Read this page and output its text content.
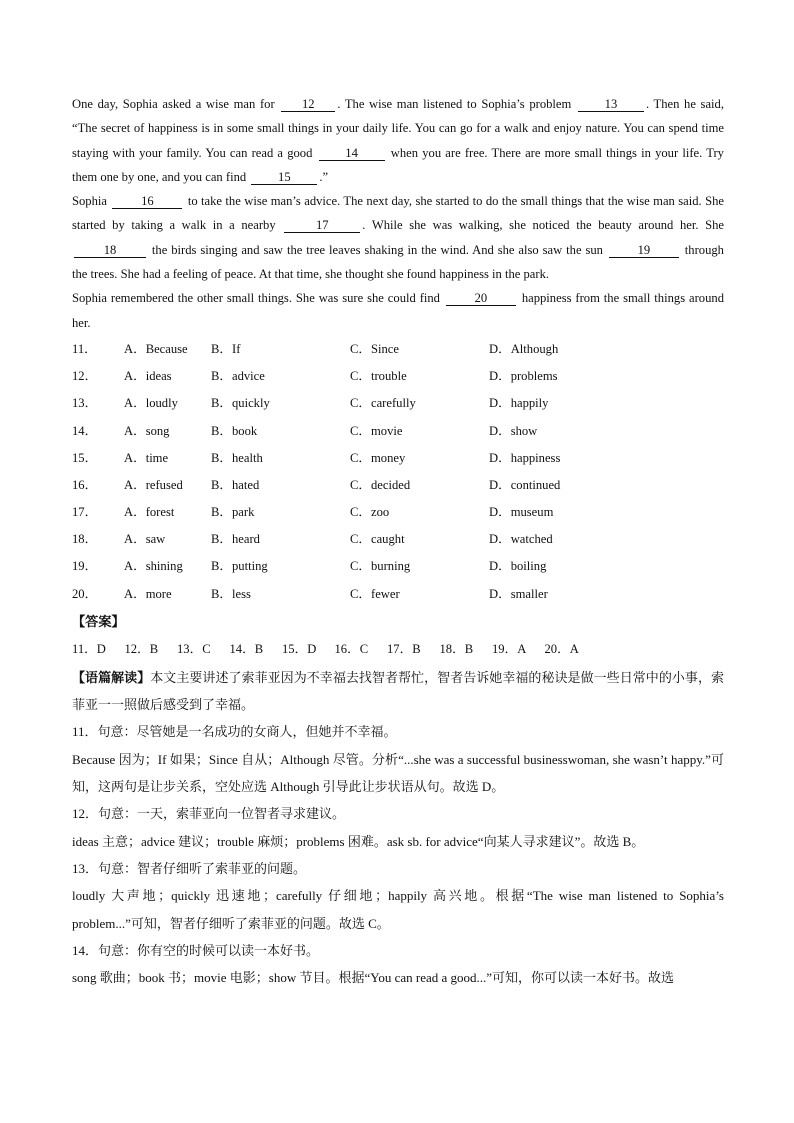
One day, Sophia asked a wise man for 12 . The wise man listened to Sophia’s problem	13 . Then he said, “The secret of happiness is in some small things in your daily life. You can go for a walk and enjoy nature. You can spend time staying with your family. You can read a good	14	when you are free. There are more small things in your life. Try them one by one, and you can find	15 .”

Sophia	16	to take the wise man’s advice. The next day, she started to do the small things that the wise man said. She started by taking a walk in a nearby	17	. While she was walking, she noticed the beauty around her. She 18	the birds singing and saw the tree leaves shaking in the wind. And she also saw the sun	19	through the trees. She had a feeling of peace. At that time, she thought she found happiness in the park.

Sophia remembered the other small things. She was sure she could find	20	happiness from the small things around her.

11．	A．Because	B．If	C．Since	D．Although
12．	A．ideas	B．advice	C．trouble	D．problems
13．	A．loudly	B．quickly	C．carefully	D．happily
14．	A．song	B．book	C．movie	D．show
15．	A．time	B．health	C．money	D．happiness
16．	A．refused	B．hated	C．decided	D．continued
17．	A．forest	B．park	C．zoo	D．museum
18．	A．saw	B．heard	C．caught	D．watched
19．	A．shining	B．putting	C．burning	D．boiling
20．	A．more	B．less	C．fewer	D．smaller
【答案】
11．D	12．B	13．C	14．B	15．D	16．C	17．B	18．B	19．A	20．A

【语篇解读】本文主要讲述了索菲亚因为不幸福去找智者帮忙，智者告诉她幸福的秘诀是做一些日常中的小事，索菲亚一一照做后感受到了幸福。

11．句意：尽管她是一名成功的女商人，但她并不幸福。

Because 因为；If 如果；Since 自从；Although 尽管。分析“...she was a successful businesswoman, she wasn’t happy.”可知，这两句是让步关系，空处应选 Although 引导此让步状语从句。故选 D。

12．句意：一天，索菲亚向一位智者寻求建议。

ideas 主意；advice 建议；trouble 麻烦；problems 困难。ask sb. for advice“向某人寻求建议”。故选 B。

13．句意：智者仔细听了索菲亚的问题。

loudly 大声地；quickly 迅速地；carefully 仔细地；happily 高兴地。根据“The wise man listened to Sophia’s problem...”可知，智者仔细听了索菲亚的问题。故选 C。

14．句意：你有空的时候可以读一本好书。

song 歌曲；book 书；movie 电影；show 节目。根据“You can read a good...”可知，你可以读一本好书。故选
